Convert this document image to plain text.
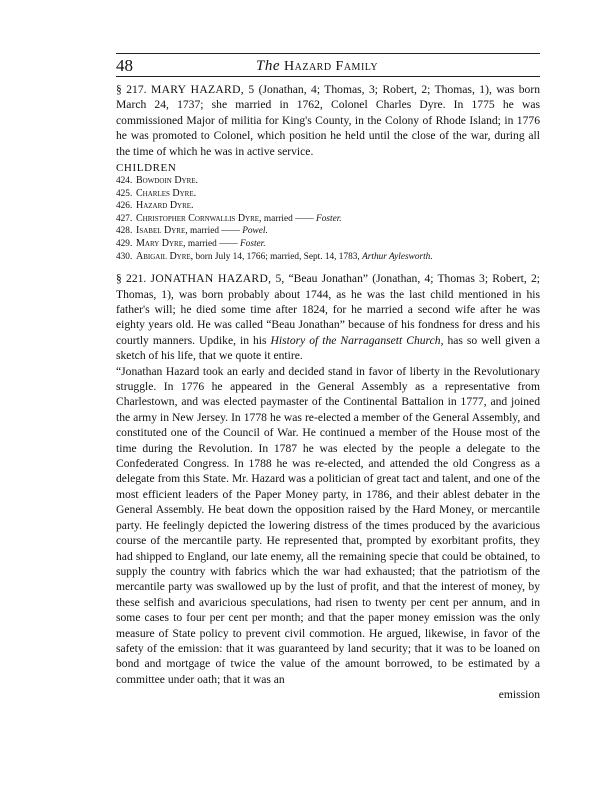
48	The Hazard Family

§ 217. MARY HAZARD, 5 (Jonathan, 4; Thomas, 3; Robert, 2; Thomas, 1), was born March 24, 1737; she married in 1762, Colonel Charles Dyre. In 1775 he was commissioned Major of militia for King's County, in the Colony of Rhode Island; in 1776 he was promoted to Colonel, which position he held until the close of the war, during all the time of which he was in active service.

CHILDREN
424. Bowdoin Dyre.
425. Charles Dyre.
426. Hazard Dyre.
427. Christopher Cornwallis Dyre, married —— Foster.
428. Isabel Dyre, married —— Powel.
429. Mary Dyre, married —— Foster.
430. Abigail Dyre, born July 14, 1766; married, Sept. 14, 1783, Arthur Aylesworth.

§ 221. JONATHAN HAZARD, 5, “Beau Jonathan” (Jonathan, 4; Thomas 3; Robert, 2; Thomas, 1), was born probably about 1744, as he was the last child mentioned in his father's will; he died some time after 1824, for he married a second wife after he was eighty years old. He was called “Beau Jonathan” because of his fondness for dress and his courtly manners. Updike, in his History of the Narragansett Church, has so well given a sketch of his life, that we quote it entire.

“Jonathan Hazard took an early and decided stand in favor of liberty in the Revolutionary struggle. In 1776 he appeared in the General Assembly as a representative from Charlestown, and was elected paymaster of the Continental Battalion in 1777, and joined the army in New Jersey. In 1778 he was re-elected a member of the General Assembly, and constituted one of the Council of War. He continued a member of the House most of the time during the Revolution. In 1787 he was elected by the people a delegate to the Confederated Congress. In 1788 he was re-elected, and attended the old Congress as a delegate from this State. Mr. Hazard was a politician of great tact and talent, and one of the most efficient leaders of the Paper Money party, in 1786, and their ablest debater in the General Assembly. He beat down the opposition raised by the Hard Money, or mercantile party. He feelingly depicted the lowering distress of the times produced by the avaricious course of the mercantile party. He represented that, prompted by exorbitant profits, they had shipped to England, our late enemy, all the remaining specie that could be obtained, to supply the country with fabrics which the war had exhausted; that the patriotism of the mercantile party was swallowed up by the lust of profit, and that the interest of money, by these selfish and avaricious speculations, had risen to twenty per cent per annum, and in some cases to four per cent per month; and that the paper money emission was the only measure of State policy to prevent civil commotion. He argued, likewise, in favor of the safety of the emission: that it was guaranteed by land security; that it was to be loaned on bond and mortgage of twice the value of the amount borrowed, to be estimated by a committee under oath; that it was an

emission
